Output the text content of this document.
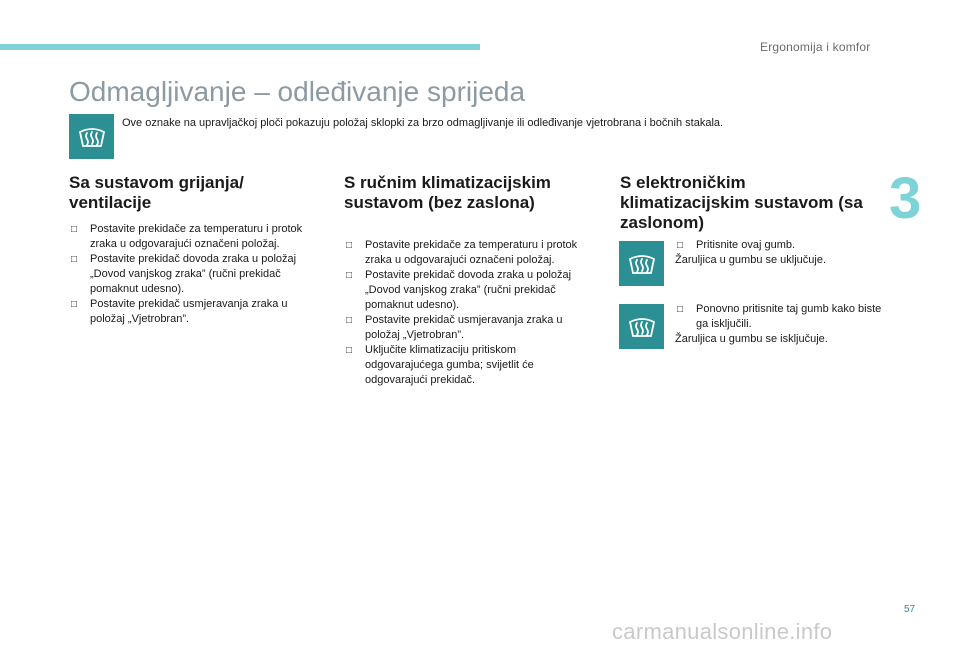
Ergonomija i komfor
3
Odmagljivanje – odleđivanje sprijeda

Ove oznake na upravljačkoj ploči pokazuju položaj sklopki za brzo odmagljivanje ili odleđivanje vjetrobrana i bočnih stakala.

Sa sustavom grijanja/ ventilacije
□ Postavite prekidače za temperaturu i protok zraka u odgovarajući označeni položaj.
□ Postavite prekidač dovoda zraka u položaj „Dovod vanjskog zraka” (ručni prekidač pomaknut udesno).
□ Postavite prekidač usmjeravanja zraka u položaj „Vjetrobran”.
S ručnim klimatizacijskim sustavom (bez zaslona)
□ Postavite prekidače za temperaturu i protok zraka u odgovarajući označeni položaj.
□ Postavite prekidač dovoda zraka u položaj „Dovod vanjskog zraka” (ručni prekidač pomaknut udesno).
□ Postavite prekidač usmjeravanja zraka u položaj „Vjetrobran”.
□ Uključite klimatizaciju pritiskom odgovarajućega gumba; svijetlit će odgovarajući prekidač.
S elektroničkim klimatizacijskim sustavom (sa zaslonom)
□ Pritisnite ovaj gumb.

Žaruljica u gumbu se uključuje.

□ Ponovno pritisnite taj gumb kako biste ga isključili.

Žaruljica u gumbu se isključuje.

57
carmanualsonline.info
